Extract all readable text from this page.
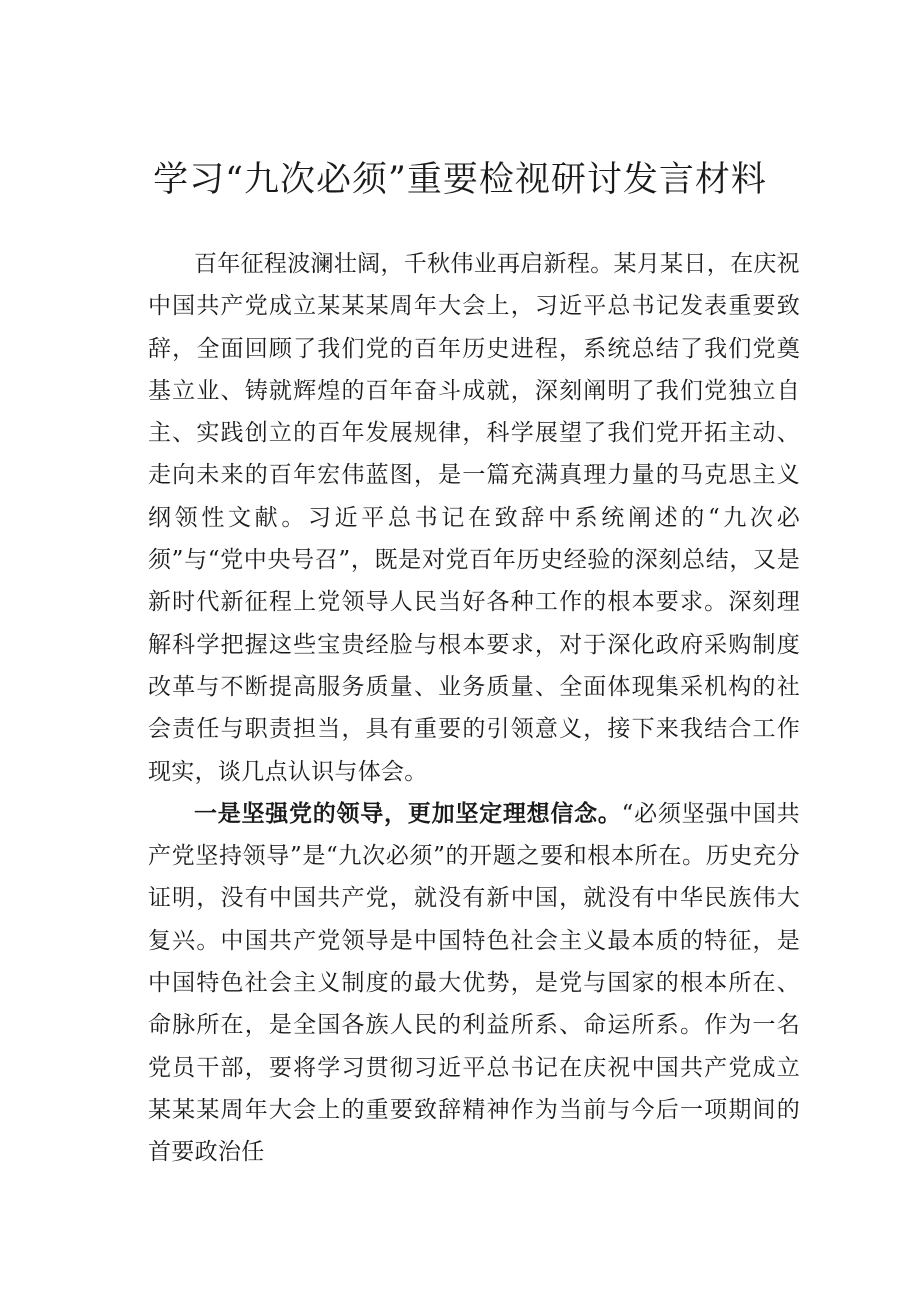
学习“九次必须”重要检视研讨发言材料

百年征程波澜壮阔，千秋伟业再启新程。某月某日，在庆祝中国共产党成立某某某周年大会上，习近平总书记发表重要致辞，全面回顾了我们党的百年历史进程，系统总结了我们党奠基立业、铸就辉煌的百年奋斗成就，深刻阐明了我们党独立自主、实践创立的百年发展规律，科学展望了我们党开拓主动、走向未来的百年宏伟蓝图，是一篇充满真理力量的马克思主义纲领性文献。习近平总书记在致辞中系统阐述的“九次必须”与“党中央号召”，既是对党百年历史经验的深刻总结，又是新时代新征程上党领导人民当好各种工作的根本要求。深刻理解科学把握这些宝贵经脸与根本要求，对于深化政府采购制度改革与不断提高服务质量、业务质量、全面体现集采机构的社会责任与职责担当，具有重要的引领意义，接下来我结合工作现实，谈几点认识与体会。

一是坚强党的领导，更加坚定理想信念。“必须坚强中国共产党坚持领导”是“九次必须”的开题之要和根本所在。历史充分证明，没有中国共产党，就没有新中国，就没有中华民族伟大复兴。中国共产党领导是中国特色社会主义最本质的特征，是中国特色社会主义制度的最大优势，是党与国家的根本所在、命脉所在，是全国各族人民的利益所系、命运所系。作为一名党员干部，要将学习贯彻习近平总书记在庆祝中国共产党成立某某某周年大会上的重要致辞精神作为当前与今后一项期间的首要政治任
